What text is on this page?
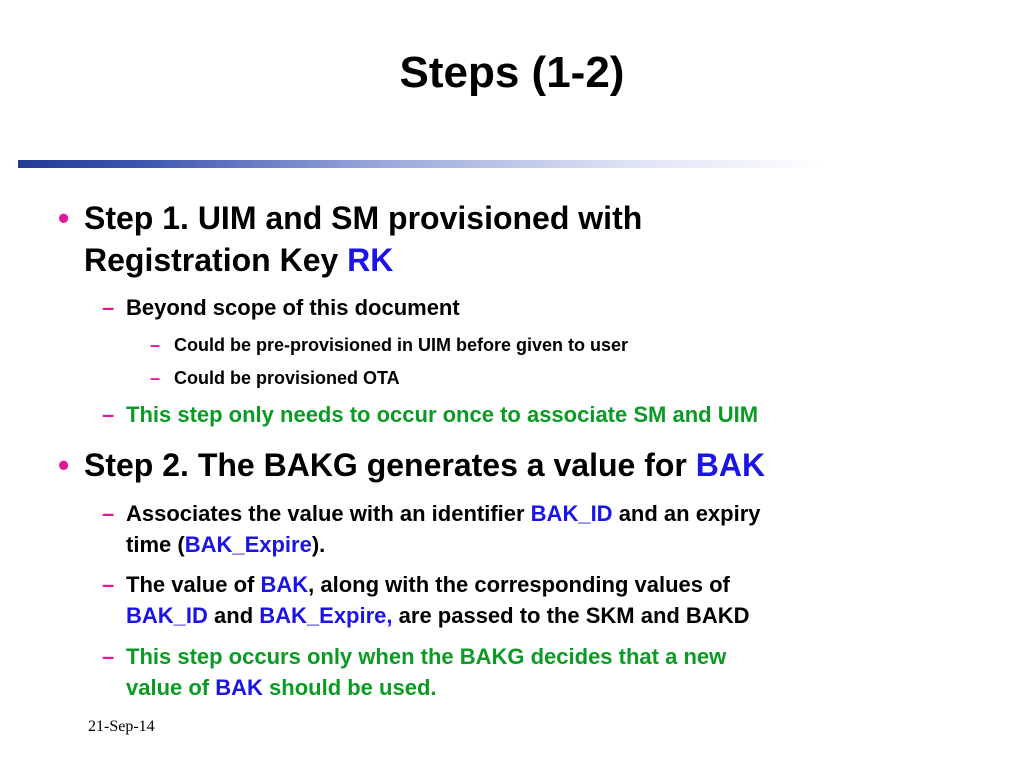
Steps (1-2)
• Step 1. UIM and SM provisioned with
Registration Key RK
– Beyond scope of this document
– Could be pre-provisioned in UIM before given to user
– Could be provisioned OTA
– This step only needs to occur once to associate SM and UIM
• Step 2. The BAKG generates a value for BAK
– Associates the value with an identifier BAK_ID and an expiry
time (BAK_Expire).
– The value of BAK, along with the corresponding values of
BAK_ID and BAK_Expire, are passed to the SKM and BAKD
– This step occurs only when the BAKG decides that a new
value of BAK should be used.
21-Sep-14
